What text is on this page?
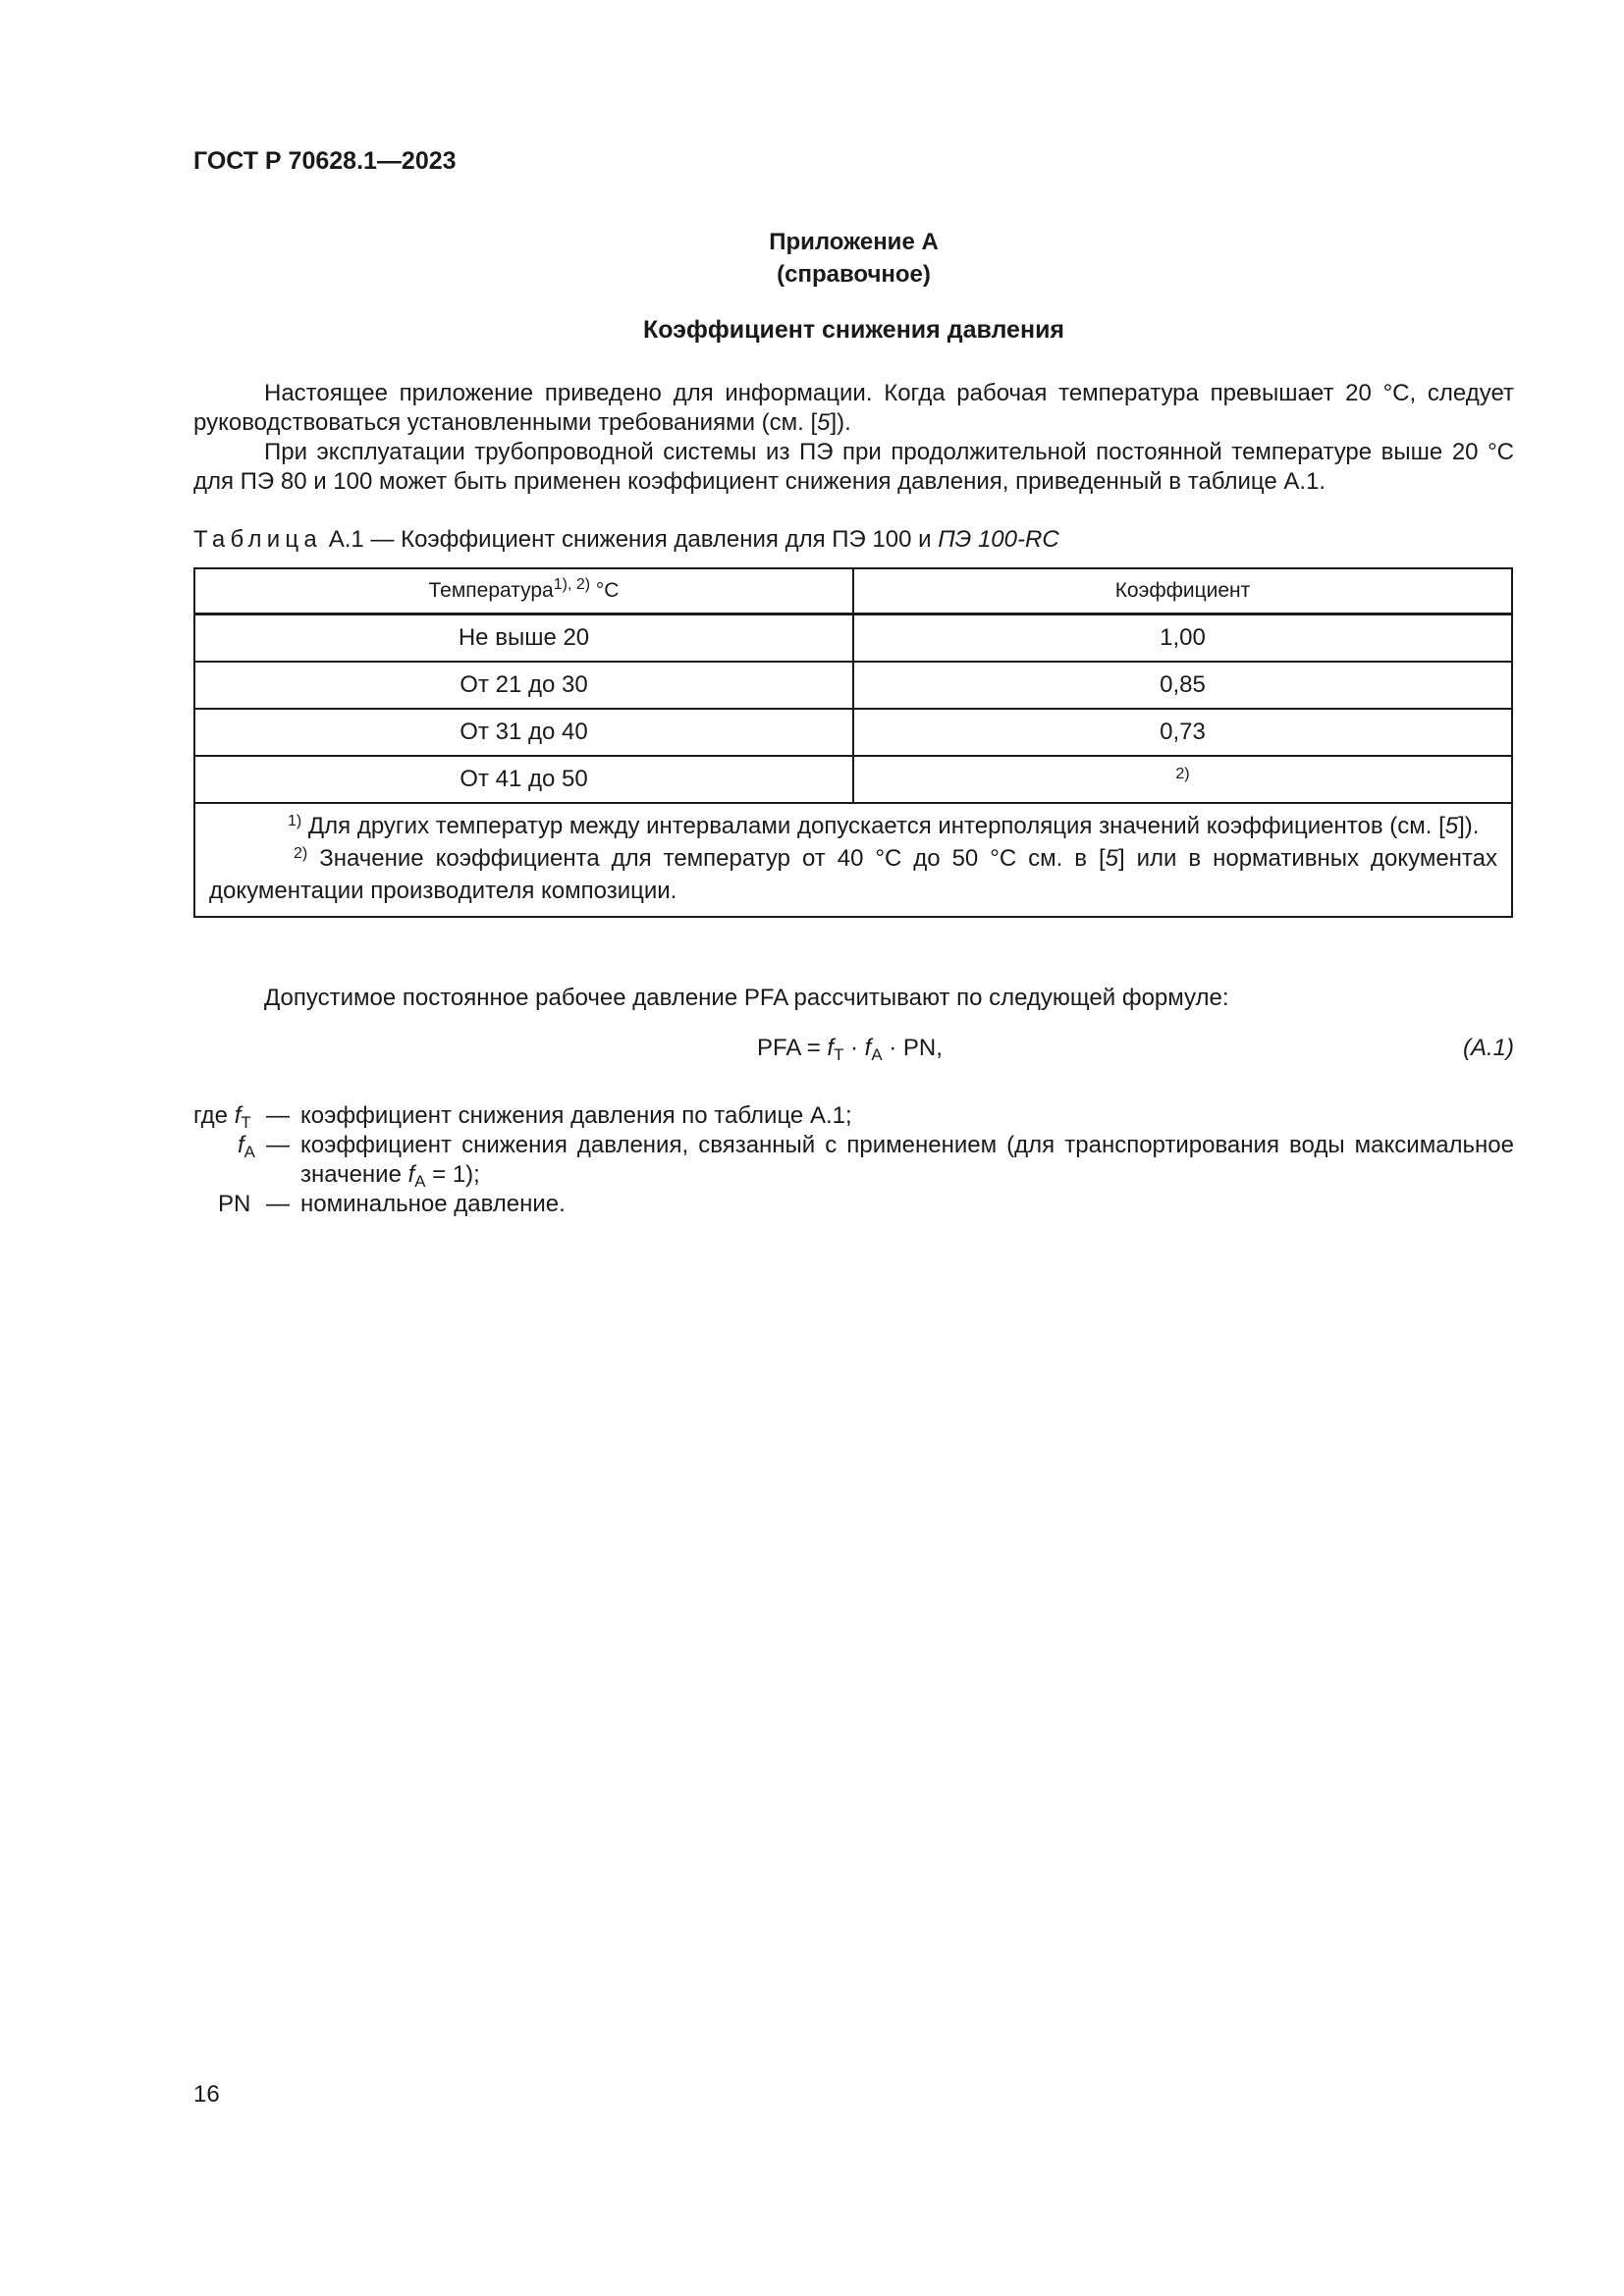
ГОСТ Р 70628.1—2023
Приложение А
(справочное)
Коэффициент снижения давления
Настоящее приложение приведено для информации. Когда рабочая температура превышает 20 °С, следует руководствоваться установленными требованиями (см. [5]).
При эксплуатации трубопроводной системы из ПЭ при продолжительной постоянной температуре выше 20 °С для ПЭ 80 и 100 может быть применен коэффициент снижения давления, приведенный в таблице А.1.
Таблица А.1 — Коэффициент снижения давления для ПЭ 100 и ПЭ 100-RC
Температура$^{1), 2)}$ °С	Коэффициент
Не выше 20	1,00
От 21 до 30	0,85
От 31 до 40	0,73
От 41 до 50	$^{2)}$

$^{1)}$ Для других температур между интервалами допускается интерполяция значений коэффициентов (см. [5]).
$^{2)}$ Значение коэффициента для температур от 40 °С до 50 °С см. в [5] или в нормативных документах документации производителя композиции.	
Допустимое постоянное рабочее давление PFA рассчитывают по следующей формуле:
PFA = $f_T \cdot f_A$ · PN,	(А.1)
где $f_T$ — коэффициент снижения давления по таблице А.1;
$f_A$ — коэффициент снижения давления, связанный с применением (для транспортирования воды максимальное значение $f_A = 1$);
PN — номинальное давление.
16
